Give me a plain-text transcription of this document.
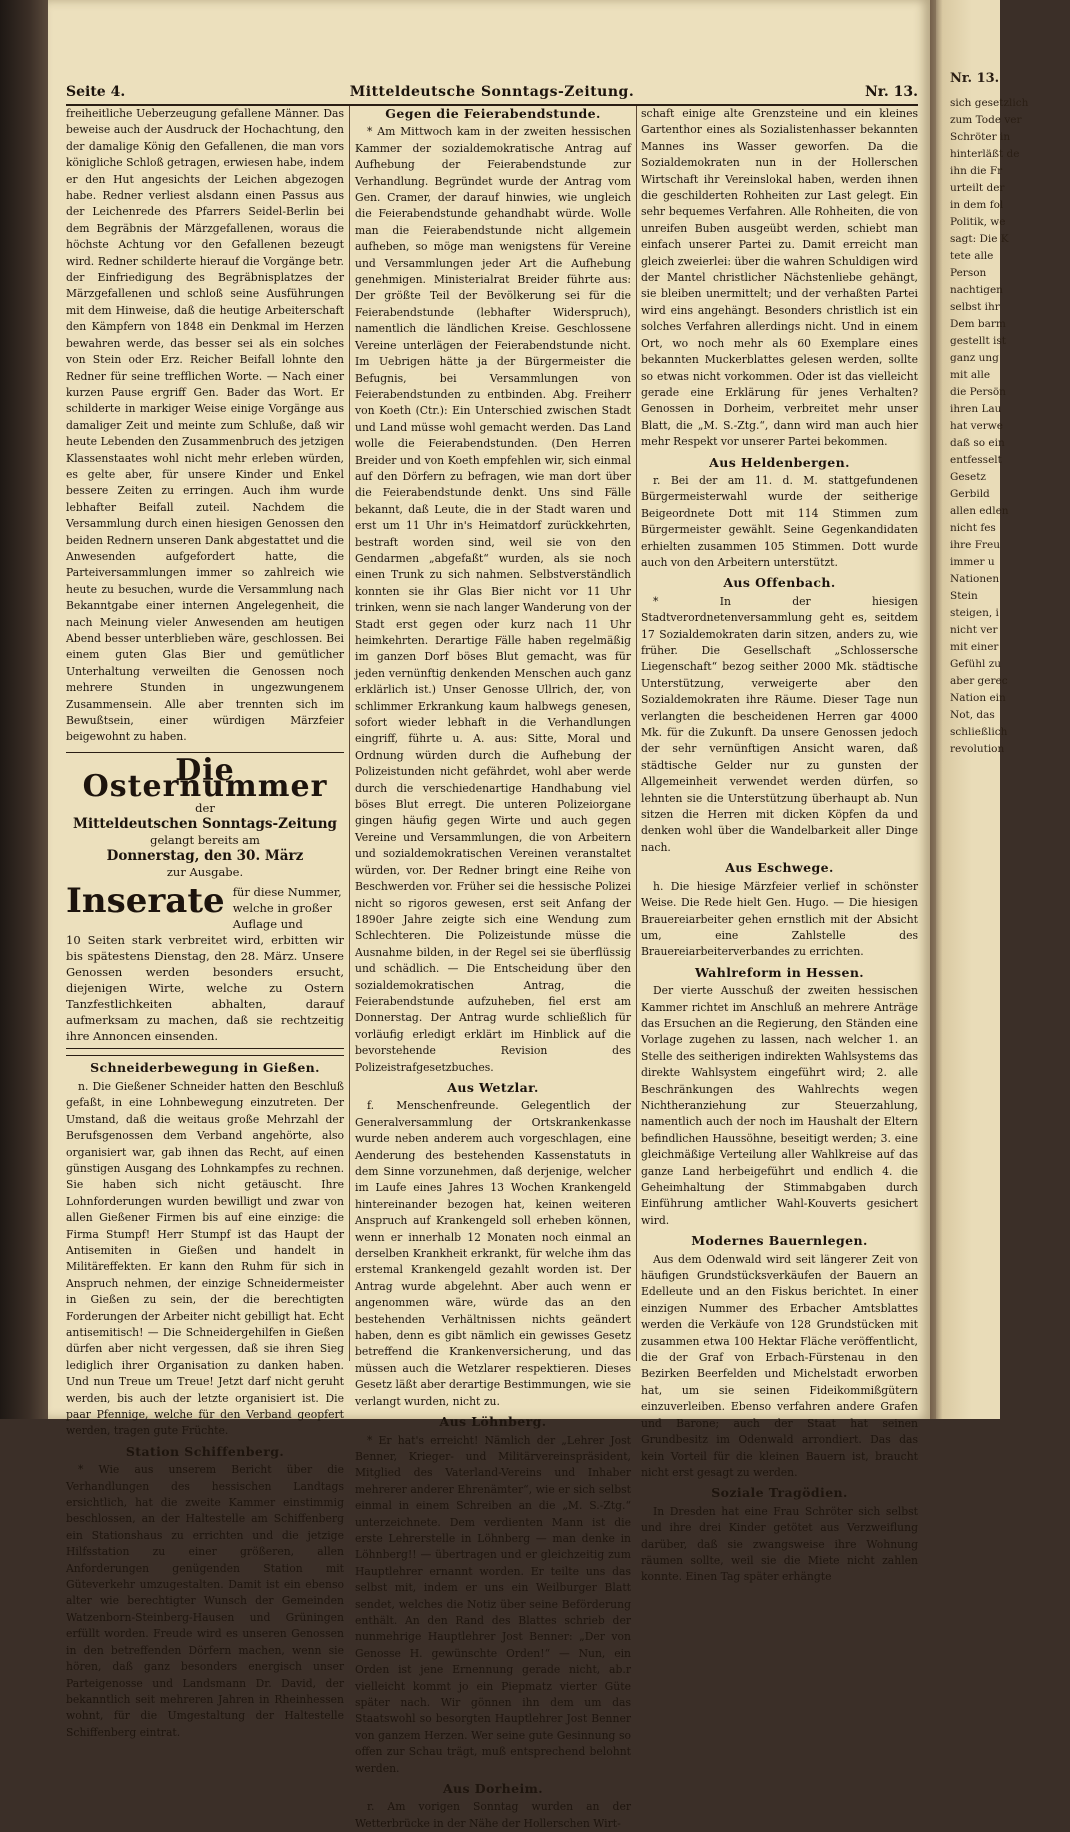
Nr. 13.
sich gesetzlich
zum Tode ver
Schröter in
hinterläßt de
ihn die Fr
urteilt der
in dem fol
Politik, we
sagt: Die K
tete alle
Person
nachtigen
selbst ihr
Dem barm
gestellt ist
ganz ung
mit alle
die Persön
ihren Lau
hat verwe
daß so ein
entfesselt
Gesetz
Gerbild
allen edlen
nicht fes
ihre Freu
immer u
Nationen
Stein
steigen, i
nicht ver
mit einer
Gefühl zu
aber gerec
Nation ein
Not, das
schließlich
revolution
Seite 4.	Mitteldeutsche Sonntags-Zeitung.	Nr. 13.

freiheitliche Ueberzeugung gefallene Männer. Das beweise auch der Ausdruck der Hochachtung, den der damalige König den Gefallenen, die man vors königliche Schloß getragen, erwiesen habe, indem er den Hut angesichts der Leichen abgezogen habe. Redner verliest alsdann einen Passus aus der Leichenrede des Pfarrers Seidel-Berlin bei dem Begräbnis der Märzgefallenen, woraus die höchste Achtung vor den Gefallenen bezeugt wird. Redner schilderte hierauf die Vorgänge betr. der Einfriedigung des Begräbnisplatzes der Märzgefallenen und schloß seine Ausführungen mit dem Hinweise, daß die heutige Arbeiterschaft den Kämpfern von 1848 ein Denkmal im Herzen bewahren werde, das besser sei als ein solches von Stein oder Erz. Reicher Beifall lohnte den Redner für seine trefflichen Worte. — Nach einer kurzen Pause ergriff Gen. Bader das Wort. Er schilderte in markiger Weise einige Vorgänge aus damaliger Zeit und meinte zum Schluße, daß wir heute Lebenden den Zusammenbruch des jetzigen Klassenstaates wohl nicht mehr erleben würden, es gelte aber, für unsere Kinder und Enkel bessere Zeiten zu erringen. Auch ihm wurde lebhafter Beifall zuteil. Nachdem die Versammlung durch einen hiesigen Genossen den beiden Rednern unseren Dank abgestattet und die Anwesenden aufgefordert hatte, die Parteiversammlungen immer so zahlreich wie heute zu besuchen, wurde die Versammlung nach Bekanntgabe einer internen Angelegenheit, die nach Meinung vieler Anwesenden am heutigen Abend besser unterblieben wäre, geschlossen. Bei einem guten Glas Bier und gemütlicher Unterhaltung verweilten die Genossen noch mehrere Stunden in ungezwungenem Zusammensein. Alle aber trennten sich im Bewußtsein, einer würdigen Märzfeier beigewohnt zu haben.

Die Osternummer
der
Mitteldeutschen Sonntags-Zeitung
gelangt bereits am
Donnerstag, den 30. März
zur Ausgabe.
Inserate für diese Nummer, welche in großer Auflage und
10 Seiten stark verbreitet wird, erbitten wir bis spätestens Dienstag, den 28. März. Unsere Genossen werden besonders ersucht, diejenigen Wirte, welche zu Ostern Tanzfestlichkeiten abhalten, darauf aufmerksam zu machen, daß sie rechtzeitig ihre Annoncen einsenden.
Schneiderbewegung in Gießen.

n. Die Gießener Schneider hatten den Beschluß gefaßt, in eine Lohnbewegung einzutreten. Der Umstand, daß die weitaus große Mehrzahl der Berufsgenossen dem Verband angehörte, also organisiert war, gab ihnen das Recht, auf einen günstigen Ausgang des Lohnkampfes zu rechnen. Sie haben sich nicht getäuscht. Ihre Lohnforderungen wurden bewilligt und zwar von allen Gießener Firmen bis auf eine einzige: die Firma Stumpf! Herr Stumpf ist das Haupt der Antisemiten in Gießen und handelt in Militäreffekten. Er kann den Ruhm für sich in Anspruch nehmen, der einzige Schneidermeister in Gießen zu sein, der die berechtigten Forderungen der Arbeiter nicht gebilligt hat. Echt antisemitisch! — Die Schneidergehilfen in Gießen dürfen aber nicht vergessen, daß sie ihren Sieg lediglich ihrer Organisation zu danken haben. Und nun Treue um Treue! Jetzt darf nicht geruht werden, bis auch der letzte organisiert ist. Die paar Pfennige, welche für den Verband geopfert werden, tragen gute Früchte.

Station Schiffenberg.

* Wie aus unserem Bericht über die Verhandlungen des hessischen Landtags ersichtlich, hat die zweite Kammer einstimmig beschlossen, an der Haltestelle am Schiffenberg ein Stationshaus zu errichten und die jetzige Hilfsstation zu einer größeren, allen Anforderungen genügenden Station mit Güteverkehr umzugestalten. Damit ist ein ebenso alter wie berechtigter Wunsch der Gemeinden Watzenborn-Steinberg-Hausen und Grüningen erfüllt worden. Freude wird es unseren Genossen in den betreffenden Dörfern machen, wenn sie hören, daß ganz besonders energisch unser Parteigenosse und Landsmann Dr. David, der bekanntlich seit mehreren Jahren in Rheinhessen wohnt, für die Umgestaltung der Haltestelle Schiffenberg eintrat.

Gegen die Feierabendstunde.

* Am Mittwoch kam in der zweiten hessischen Kammer der sozialdemokratische Antrag auf Aufhebung der Feierabendstunde zur Verhandlung. Begründet wurde der Antrag vom Gen. Cramer, der darauf hinwies, wie ungleich die Feierabendstunde gehandhabt würde. Wolle man die Feierabendstunde nicht allgemein aufheben, so möge man wenigstens für Vereine und Versammlungen jeder Art die Aufhebung genehmigen. Ministerialrat Breider führte aus: Der größte Teil der Bevölkerung sei für die Feierabendstunde (lebhafter Widerspruch), namentlich die ländlichen Kreise. Geschlossene Vereine unterlägen der Feierabendstunde nicht. Im Uebrigen hätte ja der Bürgermeister die Befugnis, bei Versammlungen von Feierabendstunden zu entbinden. Abg. Freiherr von Koeth (Ctr.): Ein Unterschied zwischen Stadt und Land müsse wohl gemacht werden. Das Land wolle die Feierabendstunden. (Den Herren Breider und von Koeth empfehlen wir, sich einmal auf den Dörfern zu befragen, wie man dort über die Feierabendstunde denkt. Uns sind Fälle bekannt, daß Leute, die in der Stadt waren und erst um 11 Uhr in's Heimatdorf zurückkehrten, bestraft worden sind, weil sie von den Gendarmen „abgefaßt“ wurden, als sie noch einen Trunk zu sich nahmen. Selbstverständlich konnten sie ihr Glas Bier nicht vor 11 Uhr trinken, wenn sie nach langer Wanderung von der Stadt erst gegen oder kurz nach 11 Uhr heimkehrten. Derartige Fälle haben regelmäßig im ganzen Dorf böses Blut gemacht, was für jeden vernünftig denkenden Menschen auch ganz erklärlich ist.) Unser Genosse Ullrich, der, von schlimmer Erkrankung kaum halbwegs genesen, sofort wieder lebhaft in die Verhandlungen eingriff, führte u. A. aus: Sitte, Moral und Ordnung würden durch die Aufhebung der Polizeistunden nicht gefährdet, wohl aber werde durch die verschiedenartige Handhabung viel böses Blut erregt. Die unteren Polizeiorgane gingen häufig gegen Wirte und auch gegen Vereine und Versammlungen, die von Arbeitern und sozialdemokratischen Vereinen veranstaltet würden, vor. Der Redner bringt eine Reihe von Beschwerden vor. Früher sei die hessische Polizei nicht so rigoros gewesen, erst seit Anfang der 1890er Jahre zeigte sich eine Wendung zum Schlechteren. Die Polizeistunde müsse die Ausnahme bilden, in der Regel sei sie überflüssig und schädlich. — Die Entscheidung über den sozialdemokratischen Antrag, die Feierabendstunde aufzuheben, fiel erst am Donnerstag. Der Antrag wurde schließlich für vorläufig erledigt erklärt im Hinblick auf die bevorstehende Revision des Polizeistrafgesetzbuches.

Aus Wetzlar.

f. Menschenfreunde. Gelegentlich der Generalversammlung der Ortskrankenkasse wurde neben anderem auch vorgeschlagen, eine Aenderung des bestehenden Kassenstatuts in dem Sinne vorzunehmen, daß derjenige, welcher im Laufe eines Jahres 13 Wochen Krankengeld hintereinander bezogen hat, keinen weiteren Anspruch auf Krankengeld soll erheben können, wenn er innerhalb 12 Monaten noch einmal an derselben Krankheit erkrankt, für welche ihm das erstemal Krankengeld gezahlt worden ist. Der Antrag wurde abgelehnt. Aber auch wenn er angenommen wäre, würde das an den bestehenden Verhältnissen nichts geändert haben, denn es gibt nämlich ein gewisses Gesetz betreffend die Krankenversicherung, und das müssen auch die Wetzlarer respektieren. Dieses Gesetz läßt aber derartige Bestimmungen, wie sie verlangt wurden, nicht zu.

Aus Löhnberg.

* Er hat's erreicht! Nämlich der „Lehrer Jost Benner, Krieger- und Militärvereinspräsident, Mitglied des Vaterland-Vereins und Inhaber mehrerer anderer Ehrenämter“, wie er sich selbst einmal in einem Schreiben an die „M. S.-Ztg.“ unterzeichnete. Dem verdienten Mann ist die erste Lehrerstelle in Löhnberg — man denke in Löhnberg!! — übertragen und er gleichzeitig zum Hauptlehrer ernannt worden. Er teilte uns das selbst mit, indem er uns ein Weilburger Blatt sendet, welches die Notiz über seine Beförderung enthält. An den Rand des Blattes schrieb der nunmehrige Hauptlehrer Jost Benner: „Der von Genosse H. gewünschte Orden!“ — Nun, ein Orden ist jene Ernennung gerade nicht, ab.r vielleicht kommt jo ein Piepmatz vierter Güte später nach. Wir gönnen ihn dem um das Staatswohl so besorgten Hauptlehrer Jost Benner von ganzem Herzen. Wer seine gute Gesinnung so offen zur Schau trägt, muß entsprechend belohnt werden.

Aus Dorheim.

r. Am vorigen Sonntag wurden an der Wetterbrücke in der Nähe der Hollerschen Wirt-

schaft einige alte Grenzsteine und ein kleines Gartenthor eines als Sozialistenhasser bekannten Mannes ins Wasser geworfen. Da die Sozialdemokraten nun in der Hollerschen Wirtschaft ihr Vereinslokal haben, werden ihnen die geschilderten Rohheiten zur Last gelegt. Ein sehr bequemes Verfahren. Alle Rohheiten, die von unreifen Buben ausgeübt werden, schiebt man einfach unserer Partei zu. Damit erreicht man gleich zweierlei: über die wahren Schuldigen wird der Mantel christlicher Nächstenliebe gehängt, sie bleiben unermittelt; und der verhaßten Partei wird eins angehängt. Besonders christlich ist ein solches Verfahren allerdings nicht. Und in einem Ort, wo noch mehr als 60 Exemplare eines bekannten Muckerblattes gelesen werden, sollte so etwas nicht vorkommen. Oder ist das vielleicht gerade eine Erklärung für jenes Verhalten? Genossen in Dorheim, verbreitet mehr unser Blatt, die „M. S.-Ztg.“, dann wird man auch hier mehr Respekt vor unserer Partei bekommen.

Aus Heldenbergen.

r. Bei der am 11. d. M. stattgefundenen Bürgermeisterwahl wurde der seitherige Beigeordnete Dott mit 114 Stimmen zum Bürgermeister gewählt. Seine Gegenkandidaten erhielten zusammen 105 Stimmen. Dott wurde auch von den Arbeitern unterstützt.

Aus Offenbach.

* In der hiesigen Stadtverordnetenversammlung geht es, seitdem 17 Sozialdemokraten darin sitzen, anders zu, wie früher. Die Gesellschaft „Schlossersche Liegenschaft“ bezog seither 2000 Mk. städtische Unterstützung, verweigerte aber den Sozialdemokraten ihre Räume. Dieser Tage nun verlangten die bescheidenen Herren gar 4000 Mk. für die Zukunft. Da unsere Genossen jedoch der sehr vernünftigen Ansicht waren, daß städtische Gelder nur zu gunsten der Allgemeinheit verwendet werden dürfen, so lehnten sie die Unterstützung überhaupt ab. Nun sitzen die Herren mit dicken Köpfen da und denken wohl über die Wandelbarkeit aller Dinge nach.

Aus Eschwege.

h. Die hiesige Märzfeier verlief in schönster Weise. Die Rede hielt Gen. Hugo. — Die hiesigen Brauereiarbeiter gehen ernstlich mit der Absicht um, eine Zahlstelle des Brauereiarbeiterverbandes zu errichten.

Wahlreform in Hessen.

Der vierte Ausschuß der zweiten hessischen Kammer richtet im Anschluß an mehrere Anträge das Ersuchen an die Regierung, den Ständen eine Vorlage zugehen zu lassen, nach welcher 1. an Stelle des seitherigen indirekten Wahlsystems das direkte Wahlsystem eingeführt wird; 2. alle Beschränkungen des Wahlrechts wegen Nichtheranziehung zur Steuerzahlung, namentlich auch der noch im Haushalt der Eltern befindlichen Haussöhne, beseitigt werden; 3. eine gleichmäßige Verteilung aller Wahlkreise auf das ganze Land herbeigeführt und endlich 4. die Geheimhaltung der Stimmabgaben durch Einführung amtlicher Wahl-Kouverts gesichert wird.

Modernes Bauernlegen.

Aus dem Odenwald wird seit längerer Zeit von häufigen Grundstücksverkäufen der Bauern an Edelleute und an den Fiskus berichtet. In einer einzigen Nummer des Erbacher Amtsblattes werden die Verkäufe von 128 Grundstücken mit zusammen etwa 100 Hektar Fläche veröffentlicht, die der Graf von Erbach-Fürstenau in den Bezirken Beerfelden und Michelstadt erworben hat, um sie seinen Fideikommißgütern einzuverleiben. Ebenso verfahren andere Grafen und Barone; auch der Staat hat seinen Grundbesitz im Odenwald arrondiert. Das das kein Vorteil für die kleinen Bauern ist, braucht nicht erst gesagt zu werden.

Soziale Tragödien.

In Dresden hat eine Frau Schröter sich selbst und ihre drei Kinder getötet aus Verzweiflung darüber, daß sie zwangsweise ihre Wohnung räumen sollte, weil sie die Miete nicht zahlen konnte. Einen Tag später erhängte
